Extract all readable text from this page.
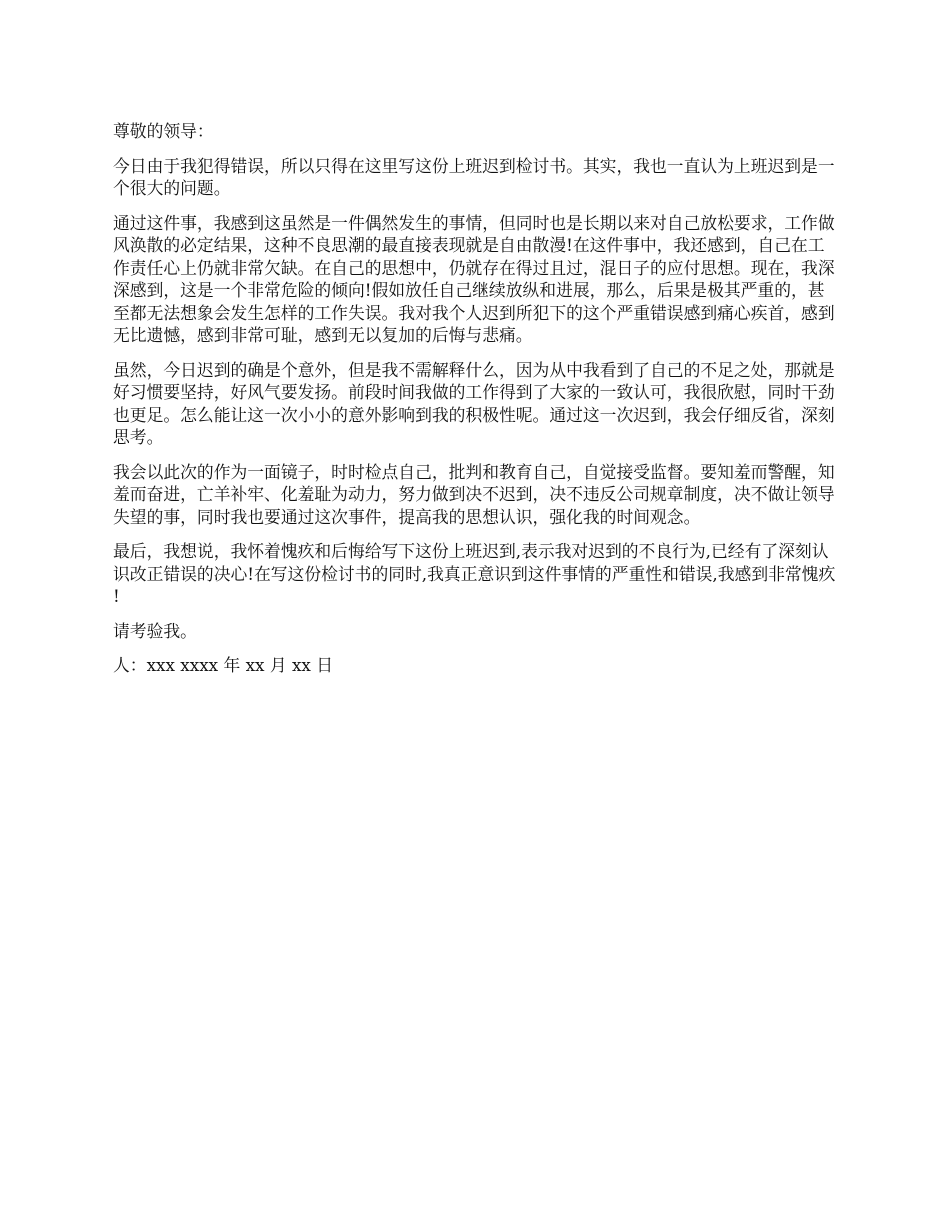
尊敬的领导：

今日由于我犯得错误，所以只得在这里写这份上班迟到检讨书。其实，我也一直认为上班迟到是一个很大的问题。

通过这件事，我感到这虽然是一件偶然发生的事情，但同时也是长期以来对自己放松要求，工作做风涣散的必定结果，这种不良思潮的最直接表现就是自由散漫!在这件事中，我还感到，自己在工作责任心上仍就非常欠缺。在自己的思想中，仍就存在得过且过，混日子的应付思想。现在，我深深感到，这是一个非常危险的倾向!假如放任自己继续放纵和进展，那么，后果是极其严重的，甚至都无法想象会发生怎样的工作失误。我对我个人迟到所犯下的这个严重错误感到痛心疾首，感到无比遗憾，感到非常可耻，感到无以复加的后悔与悲痛。

虽然，今日迟到的确是个意外，但是我不需解释什么，因为从中我看到了自己的不足之处，那就是好习惯要坚持，好风气要发扬。前段时间我做的工作得到了大家的一致认可，我很欣慰，同时干劲也更足。怎么能让这一次小小的意外影响到我的积极性呢。通过这一次迟到，我会仔细反省，深刻思考。

我会以此次的作为一面镜子，时时检点自己，批判和教育自己，自觉接受监督。要知羞而警醒，知羞而奋进，亡羊补牢、化羞耻为动力，努力做到决不迟到，决不违反公司规章制度，决不做让领导失望的事，同时我也要通过这次事件，提高我的思想认识，强化我的时间观念。

最后，我想说，我怀着愧疚和后悔给写下这份上班迟到,表示我对迟到的不良行为,已经有了深刻认识改正错误的决心!在写这份检讨书的同时,我真正意识到这件事情的严重性和错误,我感到非常愧疚!

请考验我。

人：xxx xxxx 年 xx 月 xx 日
